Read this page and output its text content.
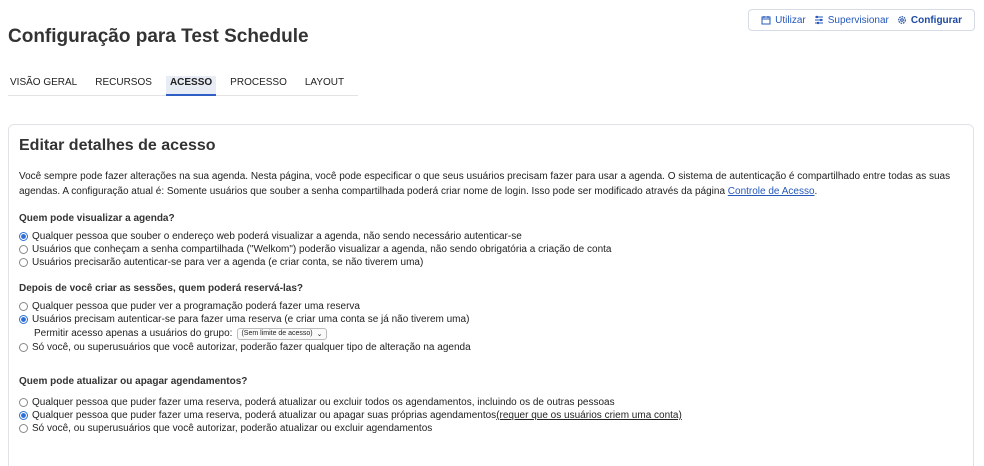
Utilizar Supervisionar Configurar
Configuração para Test Schedule
VISÃO GERAL	RECURSOS	ACESSO	PROCESSO	LAYOUT
Editar detalhes de acesso

Você sempre pode fazer alterações na sua agenda. Nesta página, você pode especificar o que seus usuários precisam fazer para usar a agenda. O sistema de autenticação é compartilhado entre todas as suas agendas. A configuração atual é: Somente usuários que souber a senha compartilhada poderá criar nome de login. Isso pode ser modificado através da página Controle de Acesso.

Quem pode visualizar a agenda?
Qualquer pessoa que souber o endereço web poderá visualizar a agenda, não sendo necessário autenticar-se
Usuários que conheçam a senha compartilhada ("Welkom") poderão visualizar a agenda, não sendo obrigatória a criação de conta
Usuários precisarão autenticar-se para ver a agenda (e criar conta, se não tiverem uma)
Depois de você criar as sessões, quem poderá reservá-las?
Qualquer pessoa que puder ver a programação poderá fazer uma reserva
Usuários precisam autenticar-se para fazer uma reserva (e criar uma conta se já não tiverem uma)
Permitir acesso apenas a usuários do grupo: (Sem limite de acesso) ⌄
Só você, ou superusuários que você autorizar, poderão fazer qualquer tipo de alteração na agenda
Quem pode atualizar ou apagar agendamentos?
Qualquer pessoa que puder fazer uma reserva, poderá atualizar ou excluir todos os agendamentos, incluindo os de outras pessoas
Qualquer pessoa que puder fazer uma reserva, poderá atualizar ou apagar suas próprias agendamentos (requer que os usuários criem uma conta)
Só você, ou superusuários que você autorizar, poderão atualizar ou excluir agendamentos
